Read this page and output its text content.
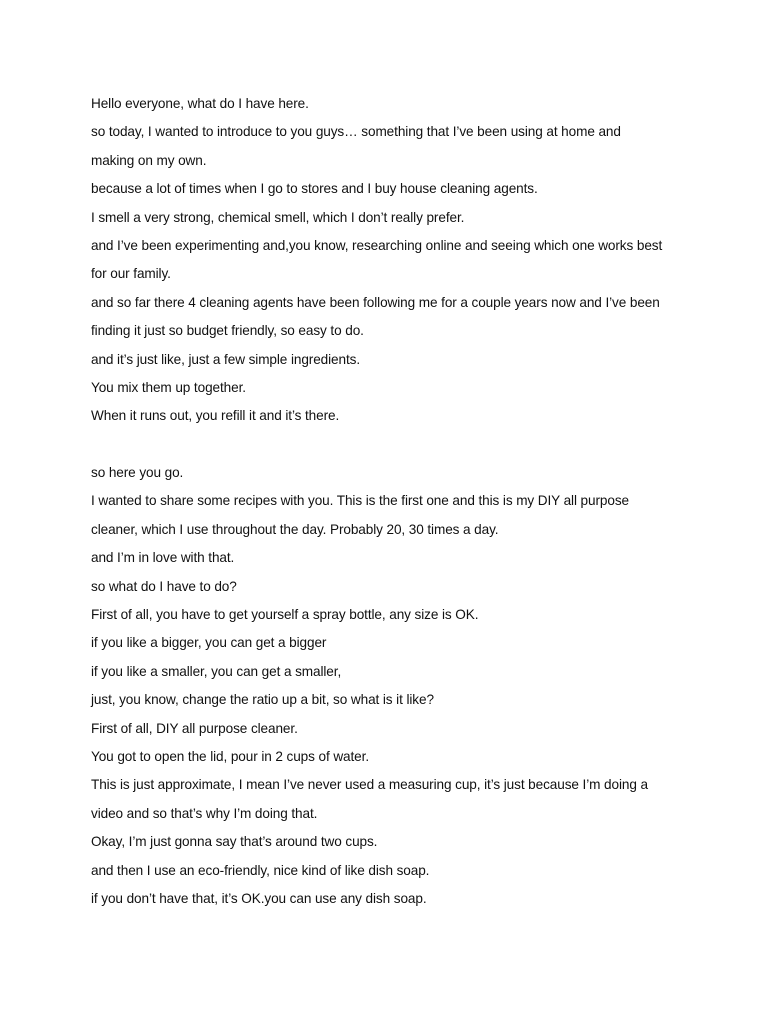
Hello everyone, what do I have here.
so today, I wanted to introduce to you guys… something that I’ve been using at home and
making on my own.
because a lot of times when I go to stores and I buy house cleaning agents.
I smell a very strong, chemical smell, which I don’t really prefer.
and I’ve been experimenting and,you know, researching online and seeing which one works best
for our family.
and so far there 4 cleaning agents have been following me for a couple years now and I’ve been
finding it just so budget friendly, so easy to do.
and it’s just like, just a few simple ingredients.
You mix them up together.
When it runs out, you refill it and it’s there.
so here you go.
I wanted to share some recipes with you. This is the first one and this is my DIY all purpose
cleaner, which I use throughout the day. Probably 20, 30 times a day.
and I’m in love with that.
so what do I have to do?
First of all, you have to get yourself a spray bottle, any size is OK.
if you like a bigger, you can get a bigger
if you like a smaller, you can get a smaller,
just, you know, change the ratio up a bit, so what is it like?
First of all, DIY all purpose cleaner.
You got to open the lid, pour in 2 cups of water.
This is just approximate, I mean I’ve never used a measuring cup, it’s just because I’m doing a
video and so that’s why I’m doing that.
Okay, I’m just gonna say that’s around two cups.
and then I use an eco-friendly, nice kind of like dish soap.
if you don’t have that, it’s OK.you can use any dish soap.
